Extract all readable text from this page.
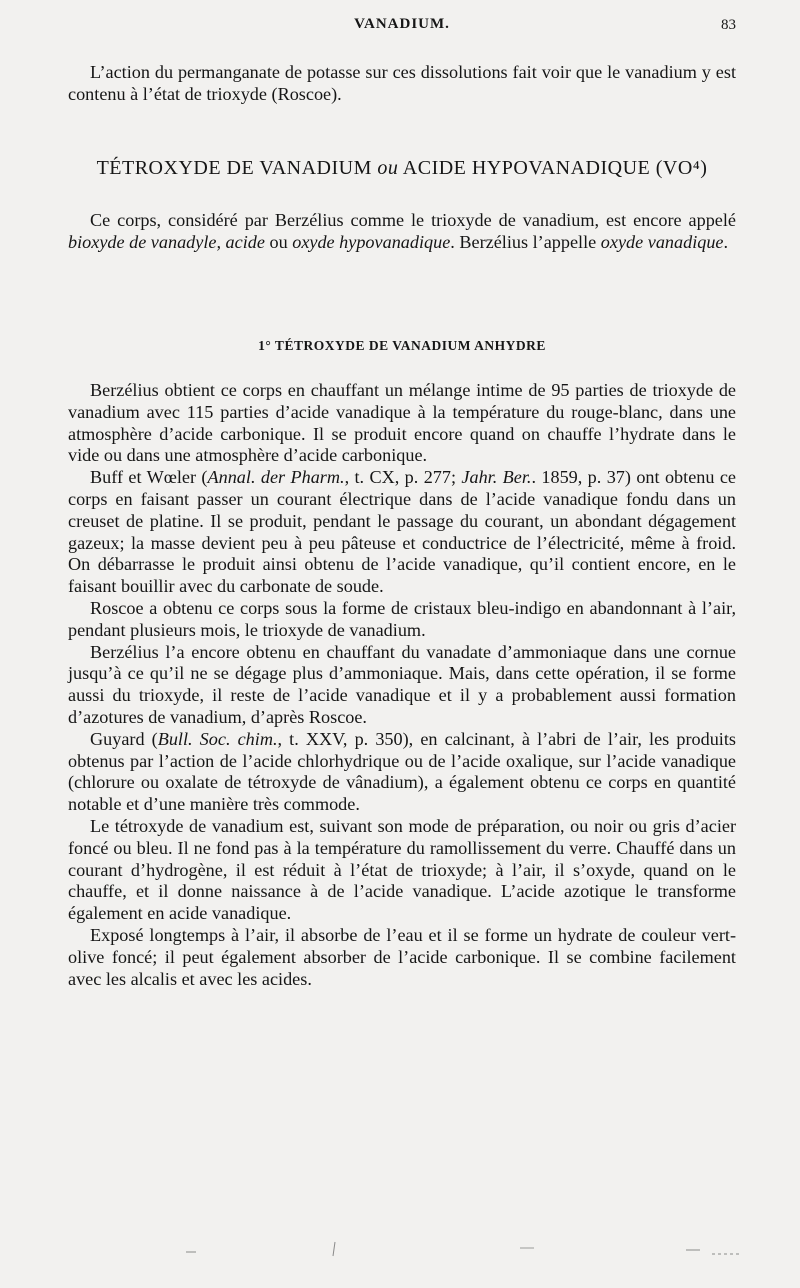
VANADIUM.	83

L’action du permanganate de potasse sur ces dissolutions fait voir que le vanadium y est contenu à l’état de trioxyde (Roscoe).

TÉTROXYDE DE VANADIUM ou ACIDE HYPOVANADIQUE (VO⁴)

Ce corps, considéré par Berzélius comme le trioxyde de vanadium, est encore appelé bioxyde de vanadyle, acide ou oxyde hypovanadique. Berzélius l’appelle oxyde vanadique.

1° TÉTROXYDE DE VANADIUM ANHYDRE

Berzélius obtient ce corps en chauffant un mélange intime de 95 parties de trioxyde de vanadium avec 115 parties d’acide vanadique à la température du rouge-blanc, dans une atmosphère d’acide carbonique. Il se produit encore quand on chauffe l’hydrate dans le vide ou dans une atmosphère d’acide carbonique.

Buff et Wœler (Annal. der Pharm., t. CX, p. 277; Jahr. Ber.. 1859, p. 37) ont obtenu ce corps en faisant passer un courant électrique dans de l’acide vanadique fondu dans un creuset de platine. Il se produit, pendant le passage du courant, un abondant dégagement gazeux; la masse devient peu à peu pâteuse et conductrice de l’électricité, même à froid. On débarrasse le produit ainsi obtenu de l’acide vanadique, qu’il contient encore, en le faisant bouillir avec du carbonate de soude.

Roscoe a obtenu ce corps sous la forme de cristaux bleu-indigo en abandonnant à l’air, pendant plusieurs mois, le trioxyde de vanadium.

Berzélius l’a encore obtenu en chauffant du vanadate d’ammoniaque dans une cornue jusqu’à ce qu’il ne se dégage plus d’ammoniaque. Mais, dans cette opération, il se forme aussi du trioxyde, il reste de l’acide vanadique et il y a probablement aussi formation d’azotures de vanadium, d’après Roscoe.

Guyard (Bull. Soc. chim., t. XXV, p. 350), en calcinant, à l’abri de l’air, les produits obtenus par l’action de l’acide chlorhydrique ou de l’acide oxalique, sur l’acide vanadique (chlorure ou oxalate de tétroxyde de vânadium), a également obtenu ce corps en quantité notable et d’une manière très commode.

Le tétroxyde de vanadium est, suivant son mode de préparation, ou noir ou gris d’acier foncé ou bleu. Il ne fond pas à la température du ramollissement du verre. Chauffé dans un courant d’hydrogène, il est réduit à l’état de trioxyde; à l’air, il s’oxyde, quand on le chauffe, et il donne naissance à de l’acide vanadique. L’acide azotique le transforme également en acide vanadique.

Exposé longtemps à l’air, il absorbe de l’eau et il se forme un hydrate de couleur vert-olive foncé; il peut également absorber de l’acide carbonique. Il se combine facilement avec les alcalis et avec les acides.
